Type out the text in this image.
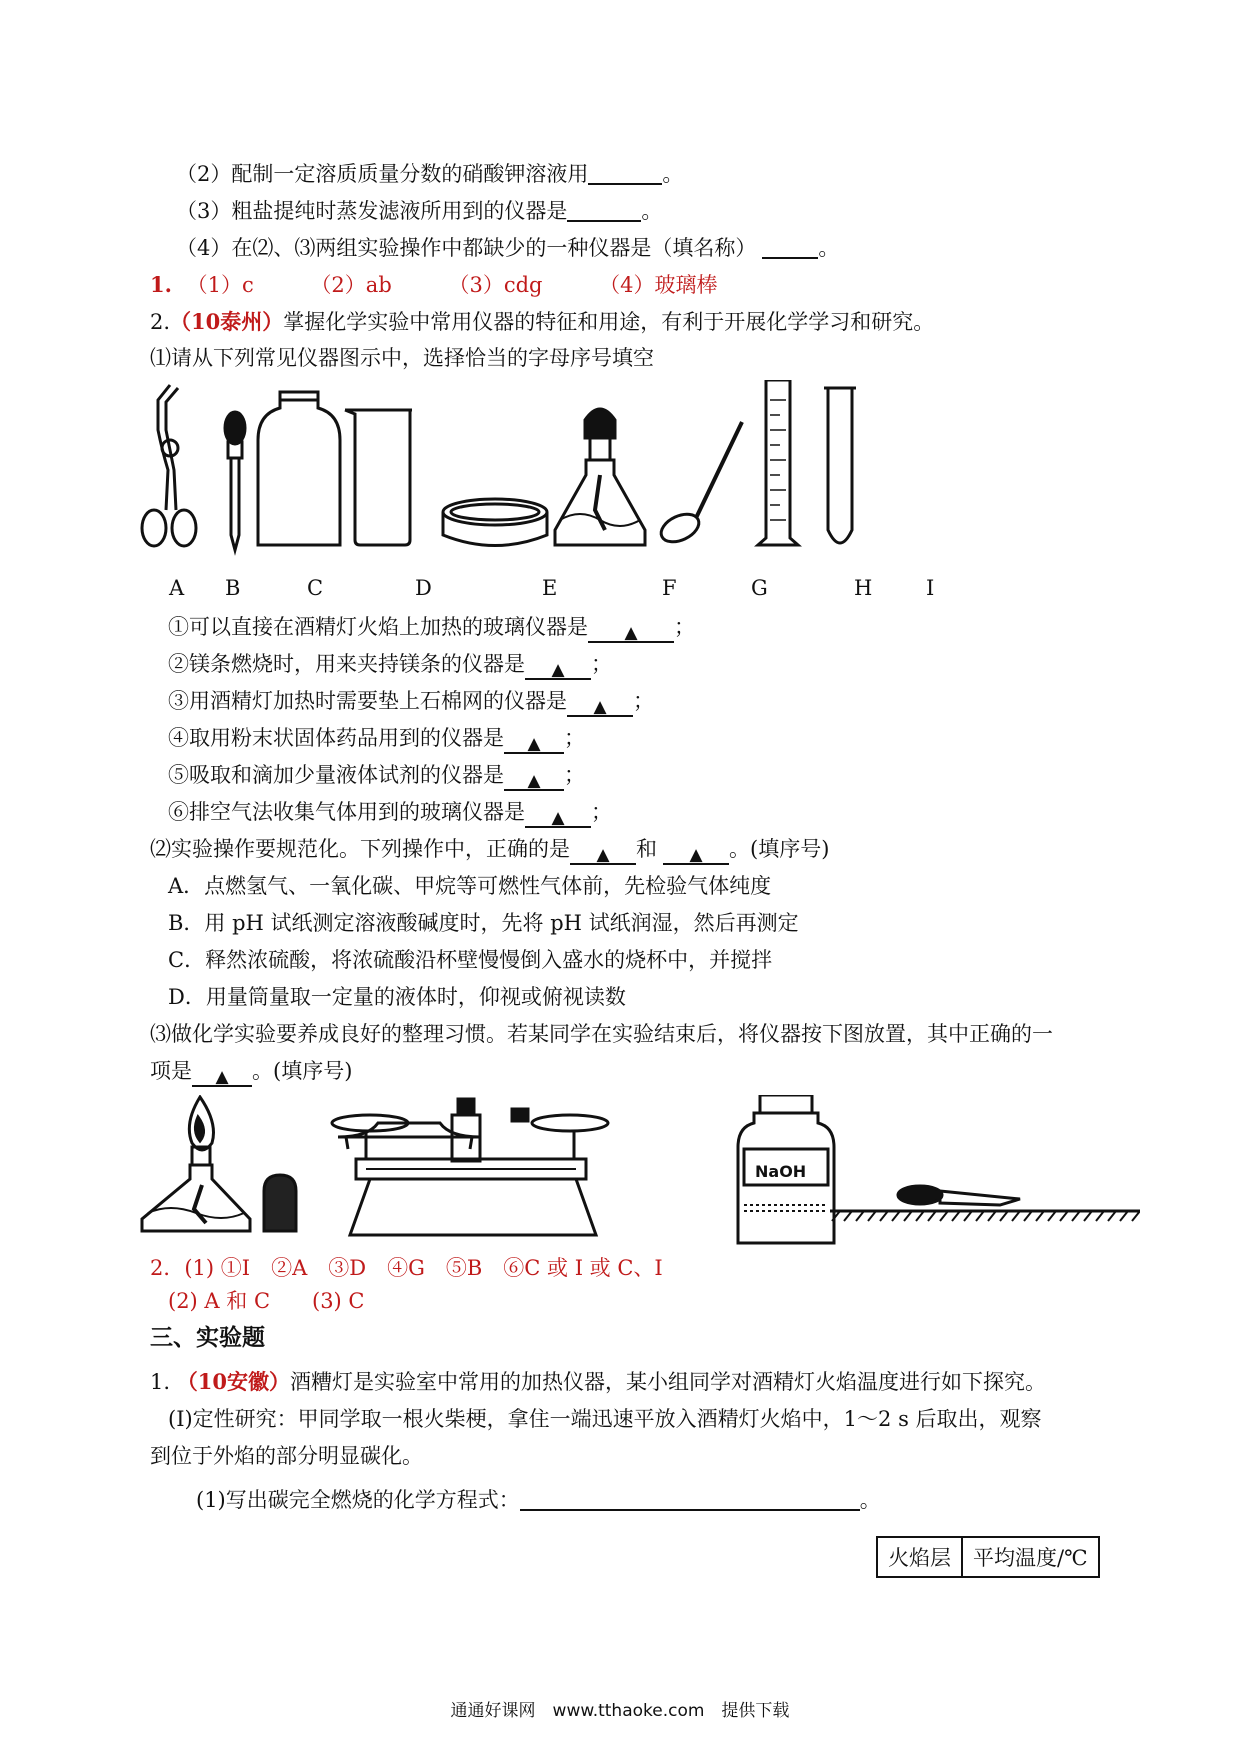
（2）配制一定溶质质量分数的硝酸钾溶液用	。
（3）粗盐提纯时蒸发滤液所用到的仪器是	。
（4）在⑵、⑶两组实验操作中都缺少的一种仪器是（填名称）	。
1. （1）c	（2）ab	（3）cdg	（4）玻璃棒
2.（10泰州）掌握化学实验中常用仪器的特征和用途，有利于开展化学学习和研究。
⑴请从下列常见仪器图示中，选择恰当的字母序号填空
A B	C	D	E	F	G	H	I
①可以直接在酒精灯火焰上加热的玻璃仪器是 ▲ ；
②镁条燃烧时，用来夹持镁条的仪器是 ▲ ；
③用酒精灯加热时需要垫上石棉网的仪器是 ▲ ；
④取用粉末状固体药品用到的仪器是 ▲ ；
⑤吸取和滴加少量液体试剂的仪器是 ▲ ；
⑥排空气法收集气体用到的玻璃仪器是 ▲ ；
⑵实验操作要规范化。下列操作中，正确的是 ▲ 和 ▲ 。(填序号)
A．点燃氢气、一氧化碳、甲烷等可燃性气体前，先检验气体纯度
B．用 pH 试纸测定溶液酸碱度时，先将 pH 试纸润湿，然后再测定
C．释然浓硫酸，将浓硫酸沿杯壁慢慢倒入盛水的烧杯中，并搅拌
D．用量筒量取一定量的液体时，仰视或俯视读数
⑶做化学实验要养成良好的整理习惯。若某同学在实验结束后，将仪器按下图放置，其中正确的一
项是 ▲ 。(填序号)
NaOH
2．(1) ①I　②A　③D　④G　⑤B　⑥C 或 I 或 C、I
(2) A 和 C　　(3) C
三、实验题
1. （10安徽）酒糟灯是实验室中常用的加热仪器，某小组同学对酒精灯火焰温度进行如下探究。
(Ⅰ)定性研究：甲同学取一根火柴梗，拿住一端迅速平放入酒精灯火焰中，1～2 s 后取出，观察
到位于外焰的部分明显碳化。
(1)写出碳完全燃烧的化学方程式：	。
火焰层	平均温度/℃
通通好课网　www.tthaoke.com　提供下载
